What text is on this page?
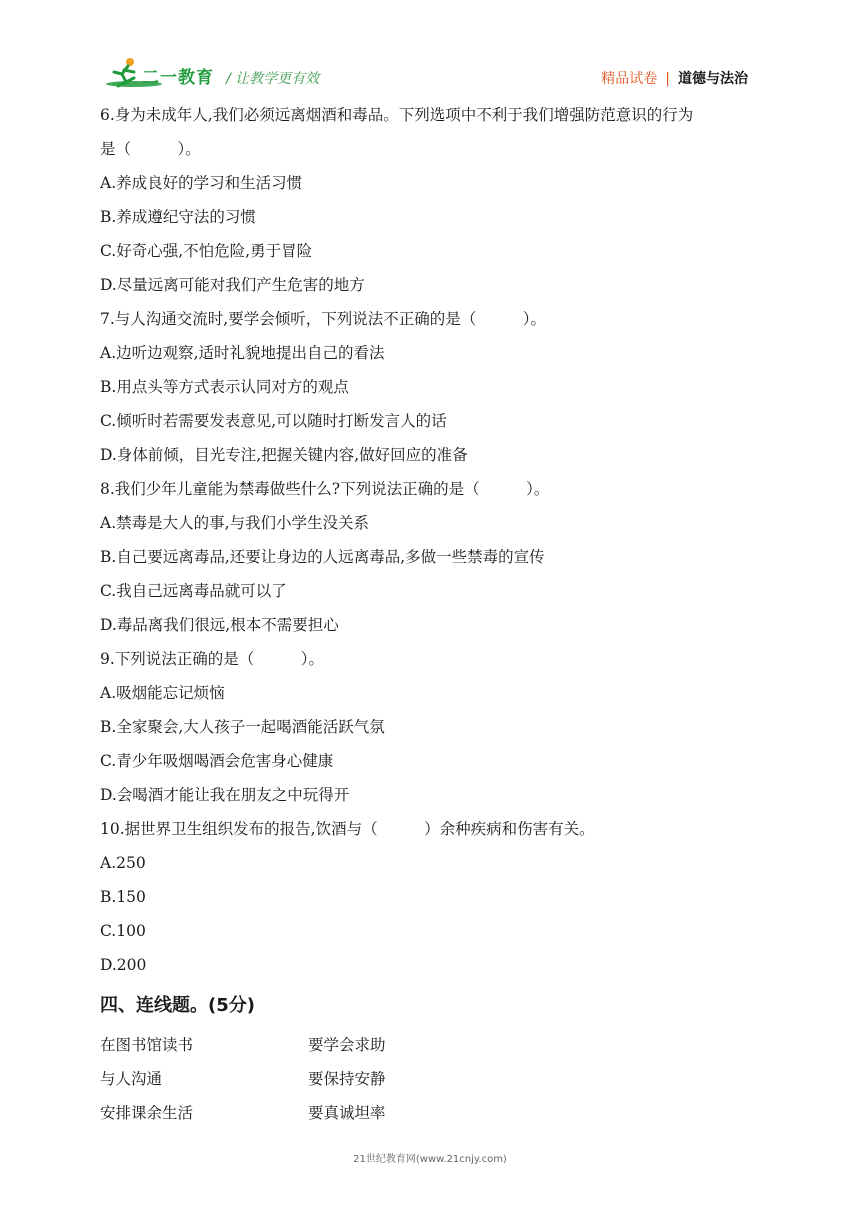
二一教育 / 让教学更有效	精品试卷 | 道德与法治
6.身为未成年人,我们必须远离烟酒和毒品。下列选项中不利于我们增强防范意识的行为
是（　　　）。
A.养成良好的学习和生活习惯
B.养成遵纪守法的习惯
C.好奇心强,不怕危险,勇于冒险
D.尽量远离可能对我们产生危害的地方
7.与人沟通交流时,要学会倾听，下列说法不正确的是（　　　）。
A.边听边观察,适时礼貌地提出自己的看法
B.用点头等方式表示认同对方的观点
C.倾听时若需要发表意见,可以随时打断发言人的话
D.身体前倾，目光专注,把握关键内容,做好回应的准备
8.我们少年儿童能为禁毒做些什么?下列说法正确的是（　　　）。
A.禁毒是大人的事,与我们小学生没关系
B.自己要远离毒品,还要让身边的人远离毒品,多做一些禁毒的宣传
C.我自己远离毒品就可以了
D.毒品离我们很远,根本不需要担心
9.下列说法正确的是（　　　）。
A.吸烟能忘记烦恼
B.全家聚会,大人孩子一起喝酒能活跃气氛
C.青少年吸烟喝酒会危害身心健康
D.会喝酒才能让我在朋友之中玩得开
10.据世界卫生组织发布的报告,饮酒与（　　　）余种疾病和伤害有关。
A.250
B.150
C.100
D.200
四、连线题。(5分)
在图书馆读书	要学会求助
与人沟通	要保持安静
安排课余生活	要真诚坦率
21世纪教育网(www.21cnjy.com)
